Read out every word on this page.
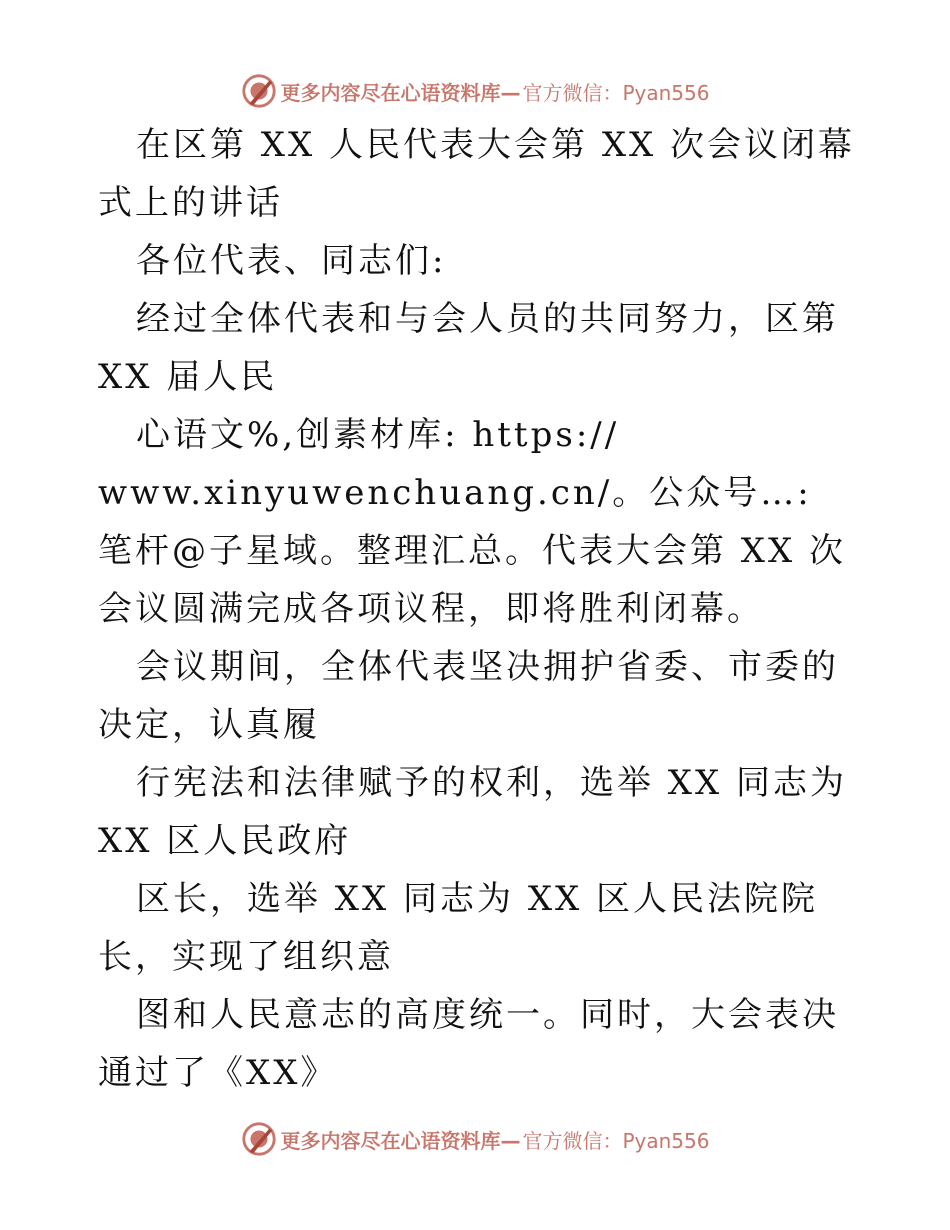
更多内容尽在心语资料库— 官方微信：Pyan556

在区第 XX 人民代表大会第 XX 次会议闭幕式上的讲话

各位代表、同志们:

经过全体代表和与会人员的共同努力，区第 XX 届人民

心语文%,创素材库: https://

www.xinyuwenchuang.cn/。公众号…: 笔杆@子星域。整理汇总。代表大会第 XX 次会议圆满完成各项议程，即将胜利闭幕。

会议期间，全体代表坚决拥护省委、市委的决定，认真履

行宪法和法律赋予的权利，选举 XX 同志为 XX 区人民政府

区长，选举 XX 同志为 XX 区人民法院院长，实现了组织意

图和人民意志的高度统一。同时，大会表决通过了《XX》

更多内容尽在心语资料库— 官方微信：Pyan556
